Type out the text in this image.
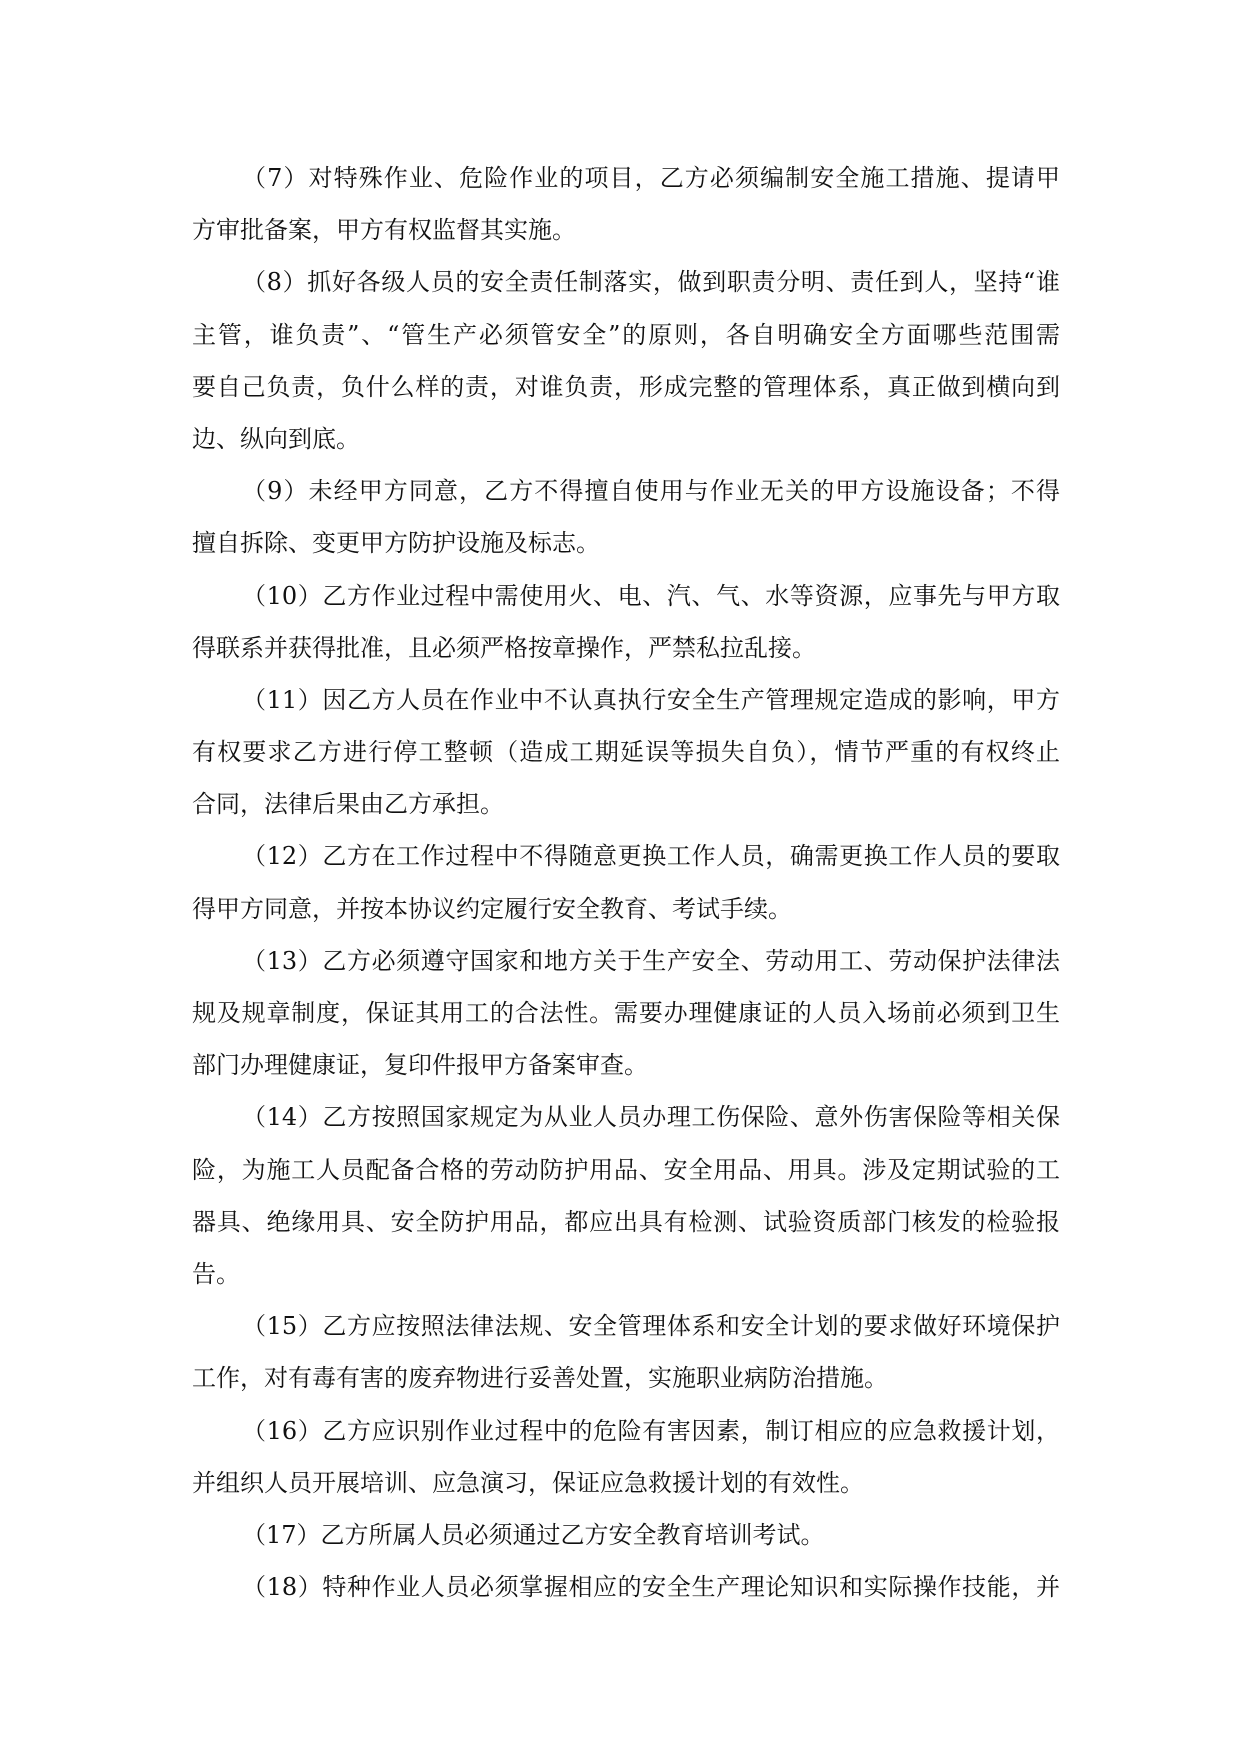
（7）对特殊作业、危险作业的项目，乙方必须编制安全施工措施、提请甲
方审批备案，甲方有权监督其实施。
（8）抓好各级人员的安全责任制落实，做到职责分明、责任到人，坚持“谁
主管，谁负责”、“管生产必须管安全”的原则，各自明确安全方面哪些范围需
要自己负责，负什么样的责，对谁负责，形成完整的管理体系，真正做到横向到
边、纵向到底。
（9）未经甲方同意，乙方不得擅自使用与作业无关的甲方设施设备；不得
擅自拆除、变更甲方防护设施及标志。
（10）乙方作业过程中需使用火、电、汽、气、水等资源，应事先与甲方取
得联系并获得批准，且必须严格按章操作，严禁私拉乱接。
（11）因乙方人员在作业中不认真执行安全生产管理规定造成的影响，甲方
有权要求乙方进行停工整顿（造成工期延误等损失自负），情节严重的有权终止
合同，法律后果由乙方承担。
（12）乙方在工作过程中不得随意更换工作人员，确需更换工作人员的要取
得甲方同意，并按本协议约定履行安全教育、考试手续。
（13）乙方必须遵守国家和地方关于生产安全、劳动用工、劳动保护法律法
规及规章制度，保证其用工的合法性。需要办理健康证的人员入场前必须到卫生
部门办理健康证，复印件报甲方备案审查。
（14）乙方按照国家规定为从业人员办理工伤保险、意外伤害保险等相关保
险，为施工人员配备合格的劳动防护用品、安全用品、用具。涉及定期试验的工
器具、绝缘用具、安全防护用品，都应出具有检测、试验资质部门核发的检验报
告。
（15）乙方应按照法律法规、安全管理体系和安全计划的要求做好环境保护
工作，对有毒有害的废弃物进行妥善处置，实施职业病防治措施。
（16）乙方应识别作业过程中的危险有害因素，制订相应的应急救援计划，
并组织人员开展培训、应急演习，保证应急救援计划的有效性。
（17）乙方所属人员必须通过乙方安全教育培训考试。
（18）特种作业人员必须掌握相应的安全生产理论知识和实际操作技能，并
